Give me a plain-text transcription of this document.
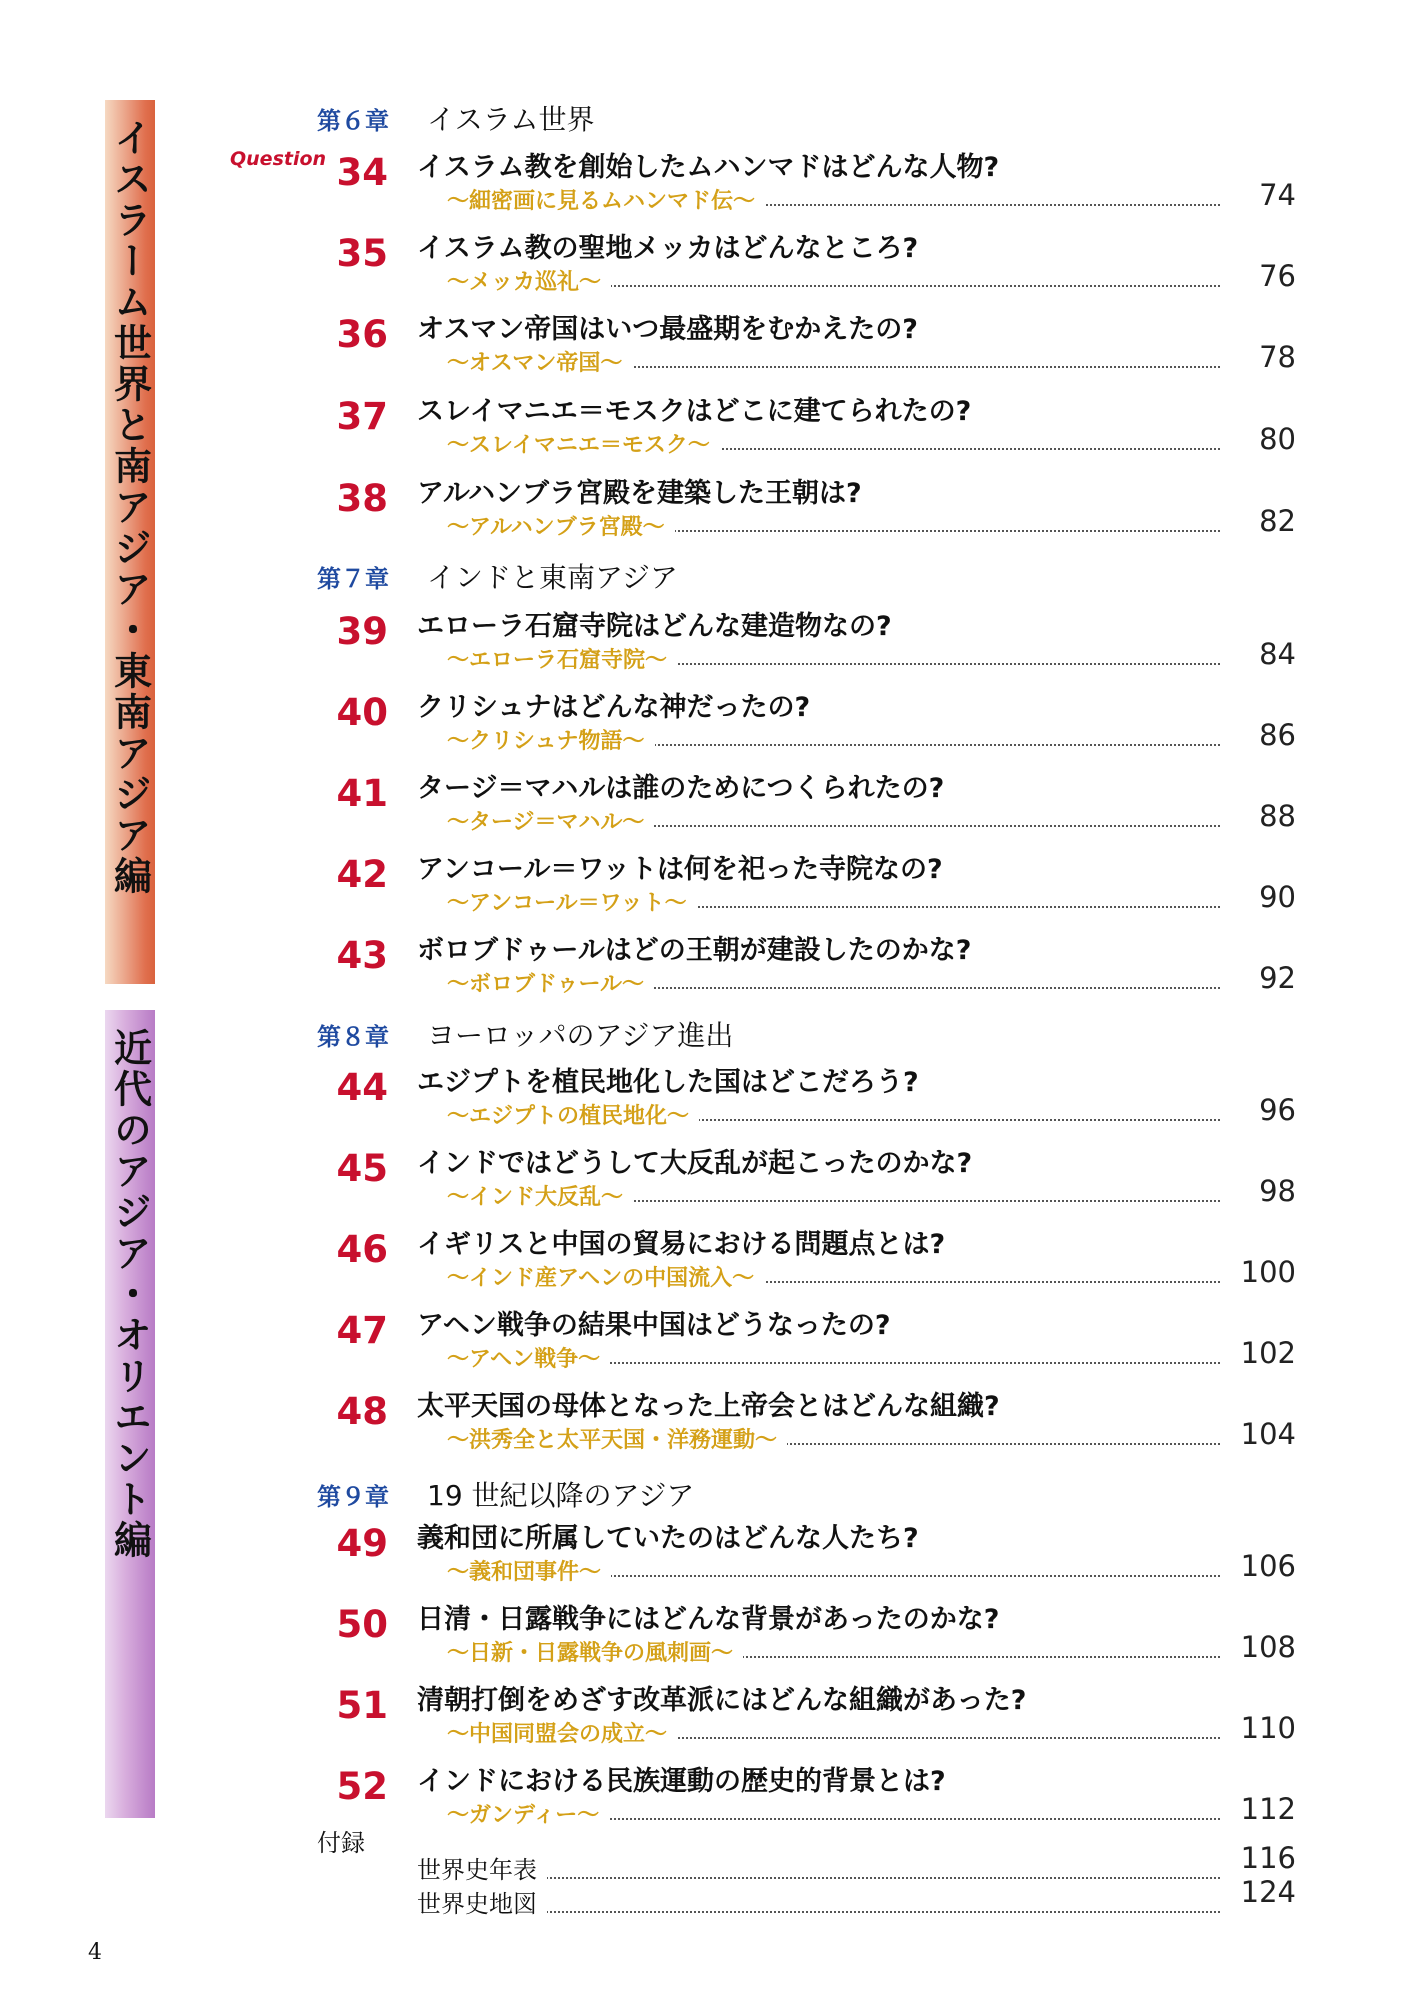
イスラーム世界と南アジア・東南アジア編
近代のアジア・オリエント編
Question
第６章	イスラム世界
第７章	インドと東南アジア
第８章	ヨーロッパのアジア進出
第９章	19 世紀以降のアジア
34 イスラム教を創始したムハンマドはどんな人物?
〜細密画に見るムハンマド伝〜	74
35 イスラム教の聖地メッカはどんなところ?
〜メッカ巡礼〜	76
36 オスマン帝国はいつ最盛期をむかえたの?
〜オスマン帝国〜	78
37 スレイマニエ＝モスクはどこに建てられたの?
〜スレイマニエ＝モスク〜	80
38 アルハンブラ宮殿を建築した王朝は?
〜アルハンブラ宮殿〜	82
39 エローラ石窟寺院はどんな建造物なの?
〜エローラ石窟寺院〜	84
40 クリシュナはどんな神だったの?
〜クリシュナ物語〜	86
41 タージ＝マハルは誰のためにつくられたの?
〜タージ＝マハル〜	88
42 アンコール＝ワットは何を祀った寺院なの?
〜アンコール＝ワット〜	90
43 ボロブドゥールはどの王朝が建設したのかな?
〜ボロブドゥール〜	92
44 エジプトを植民地化した国はどこだろう?
〜エジプトの植民地化〜	96
45 インドではどうして大反乱が起こったのかな?
〜インド大反乱〜	98
46 イギリスと中国の貿易における問題点とは?
〜インド産アヘンの中国流入〜	100
47 アヘン戦争の結果中国はどうなったの?
〜アヘン戦争〜	102
48 太平天国の母体となった上帝会とはどんな組織?
〜洪秀全と太平天国・洋務運動〜	104
49 義和団に所属していたのはどんな人たち?
〜義和団事件〜	106
50 日清・日露戦争にはどんな背景があったのかな?
〜日新・日露戦争の風刺画〜	108
51 清朝打倒をめざす改革派にはどんな組織があった?
〜中国同盟会の成立〜	110
52 インドにおける民族運動の歴史的背景とは?
〜ガンディー〜	112
付録
世界史年表	116
世界史地図	124
4
